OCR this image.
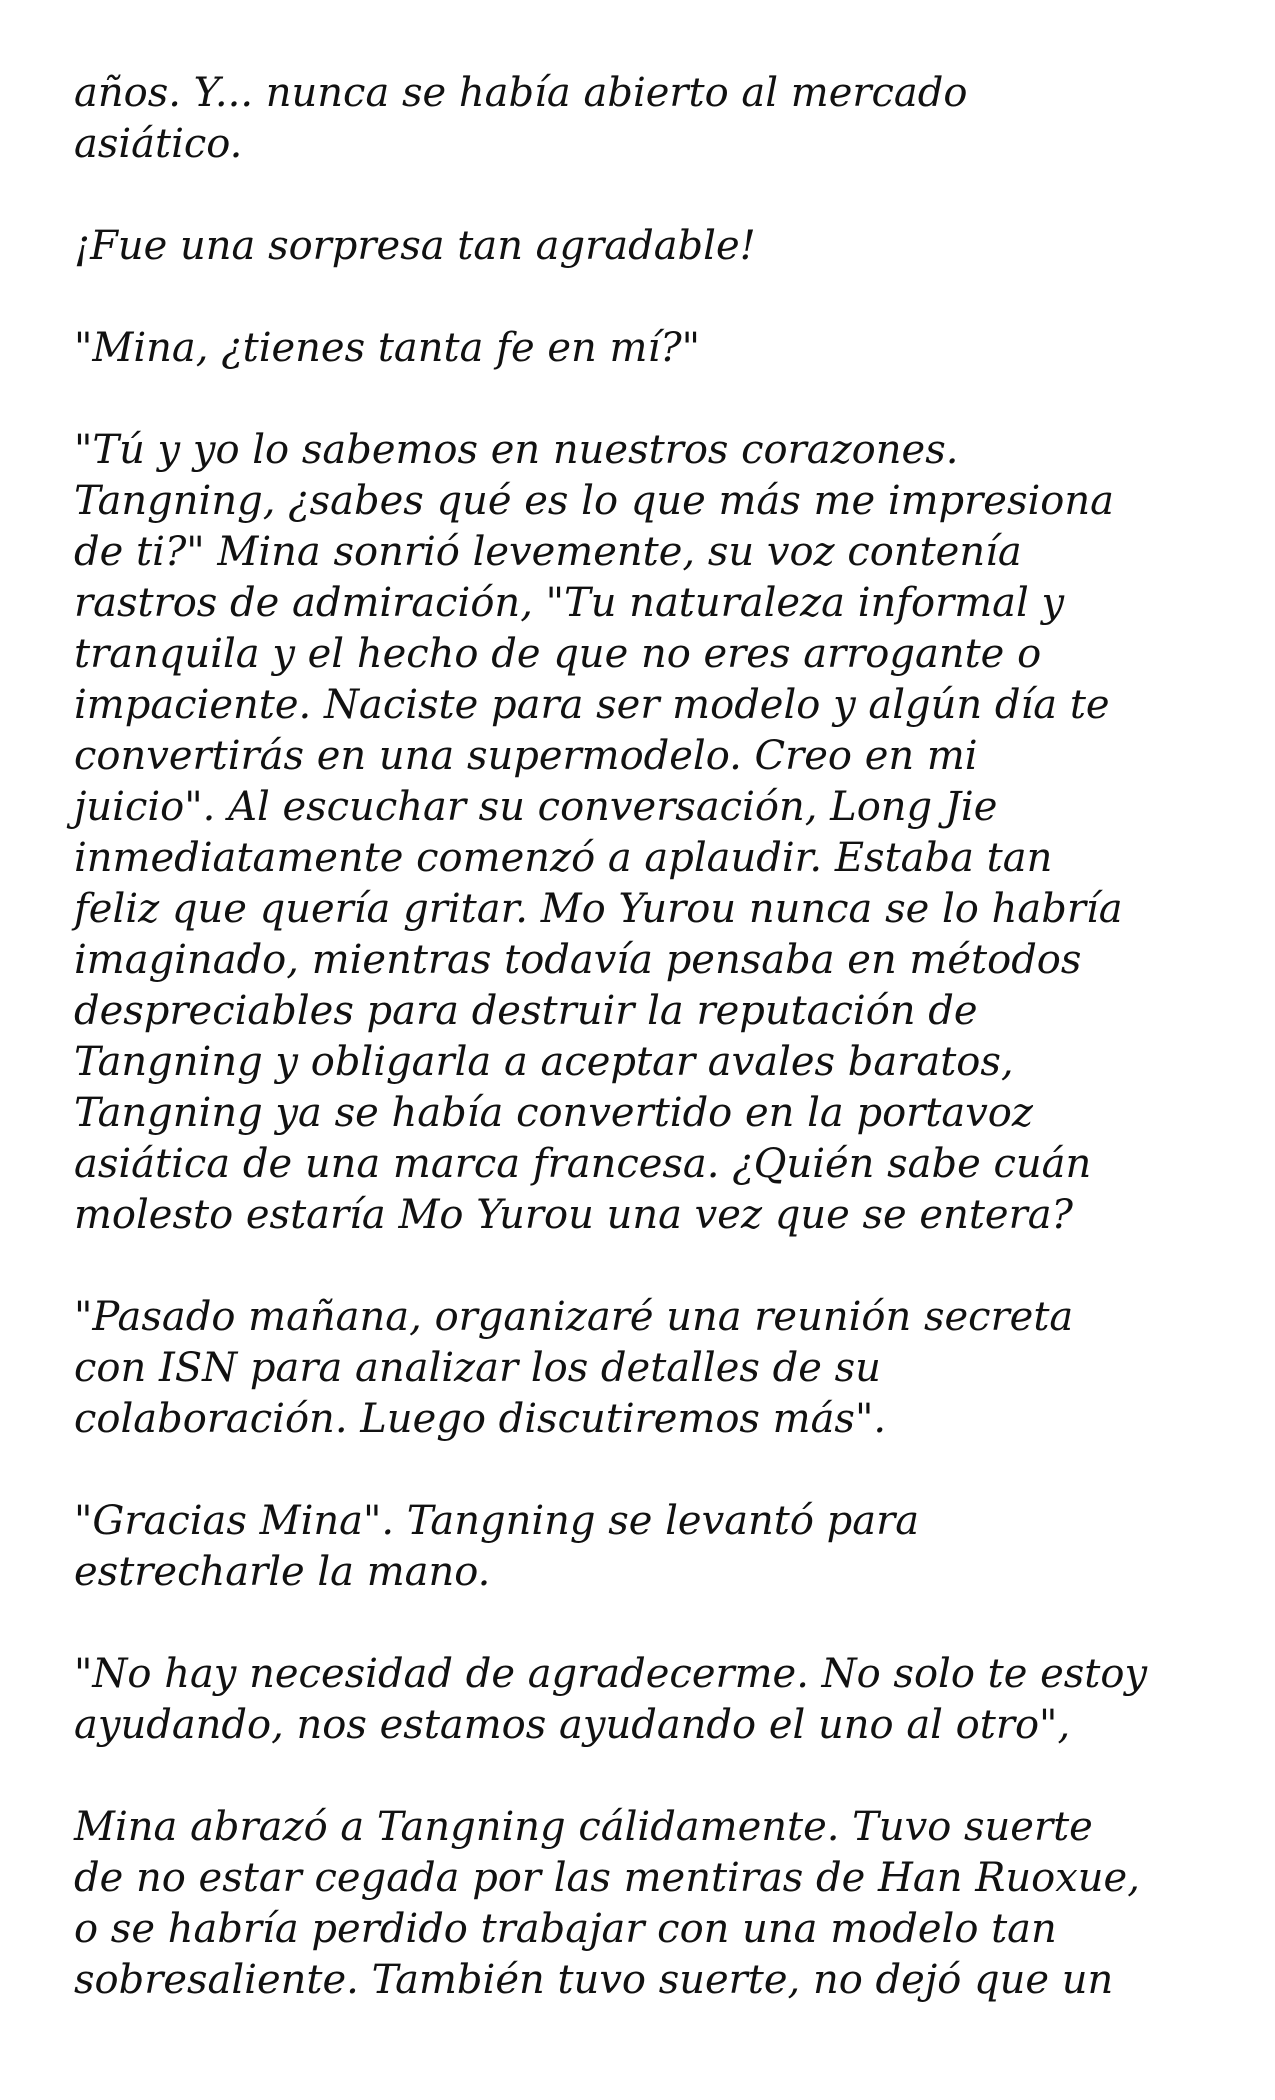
años. Y... nunca se había abierto al mercado
asiático.
¡Fue una sorpresa tan agradable!
"Mina, ¿tienes tanta fe en mí?"
"Tú y yo lo sabemos en nuestros corazones.
Tangning, ¿sabes qué es lo que más me impresiona
de ti?" Mina sonrió levemente, su voz contenía
rastros de admiración, "Tu naturaleza informal y
tranquila y el hecho de que no eres arrogante o
impaciente. Naciste para ser modelo y algún día te
convertirás en una supermodelo. Creo en mi
juicio". Al escuchar su conversación, Long Jie
inmediatamente comenzó a aplaudir. Estaba tan
feliz que quería gritar. Mo Yurou nunca se lo habría
imaginado, mientras todavía pensaba en métodos
despreciables para destruir la reputación de
Tangning y obligarla a aceptar avales baratos,
Tangning ya se había convertido en la portavoz
asiática de una marca francesa. ¿Quién sabe cuán
molesto estaría Mo Yurou una vez que se entera?
"Pasado mañana, organizaré una reunión secreta
con ISN para analizar los detalles de su
colaboración. Luego discutiremos más".
"Gracias Mina". Tangning se levantó para
estrecharle la mano.
"No hay necesidad de agradecerme. No solo te estoy
ayudando, nos estamos ayudando el uno al otro",
Mina abrazó a Tangning cálidamente. Tuvo suerte
de no estar cegada por las mentiras de Han Ruoxue,
o se habría perdido trabajar con una modelo tan
sobresaliente. También tuvo suerte, no dejó que un
